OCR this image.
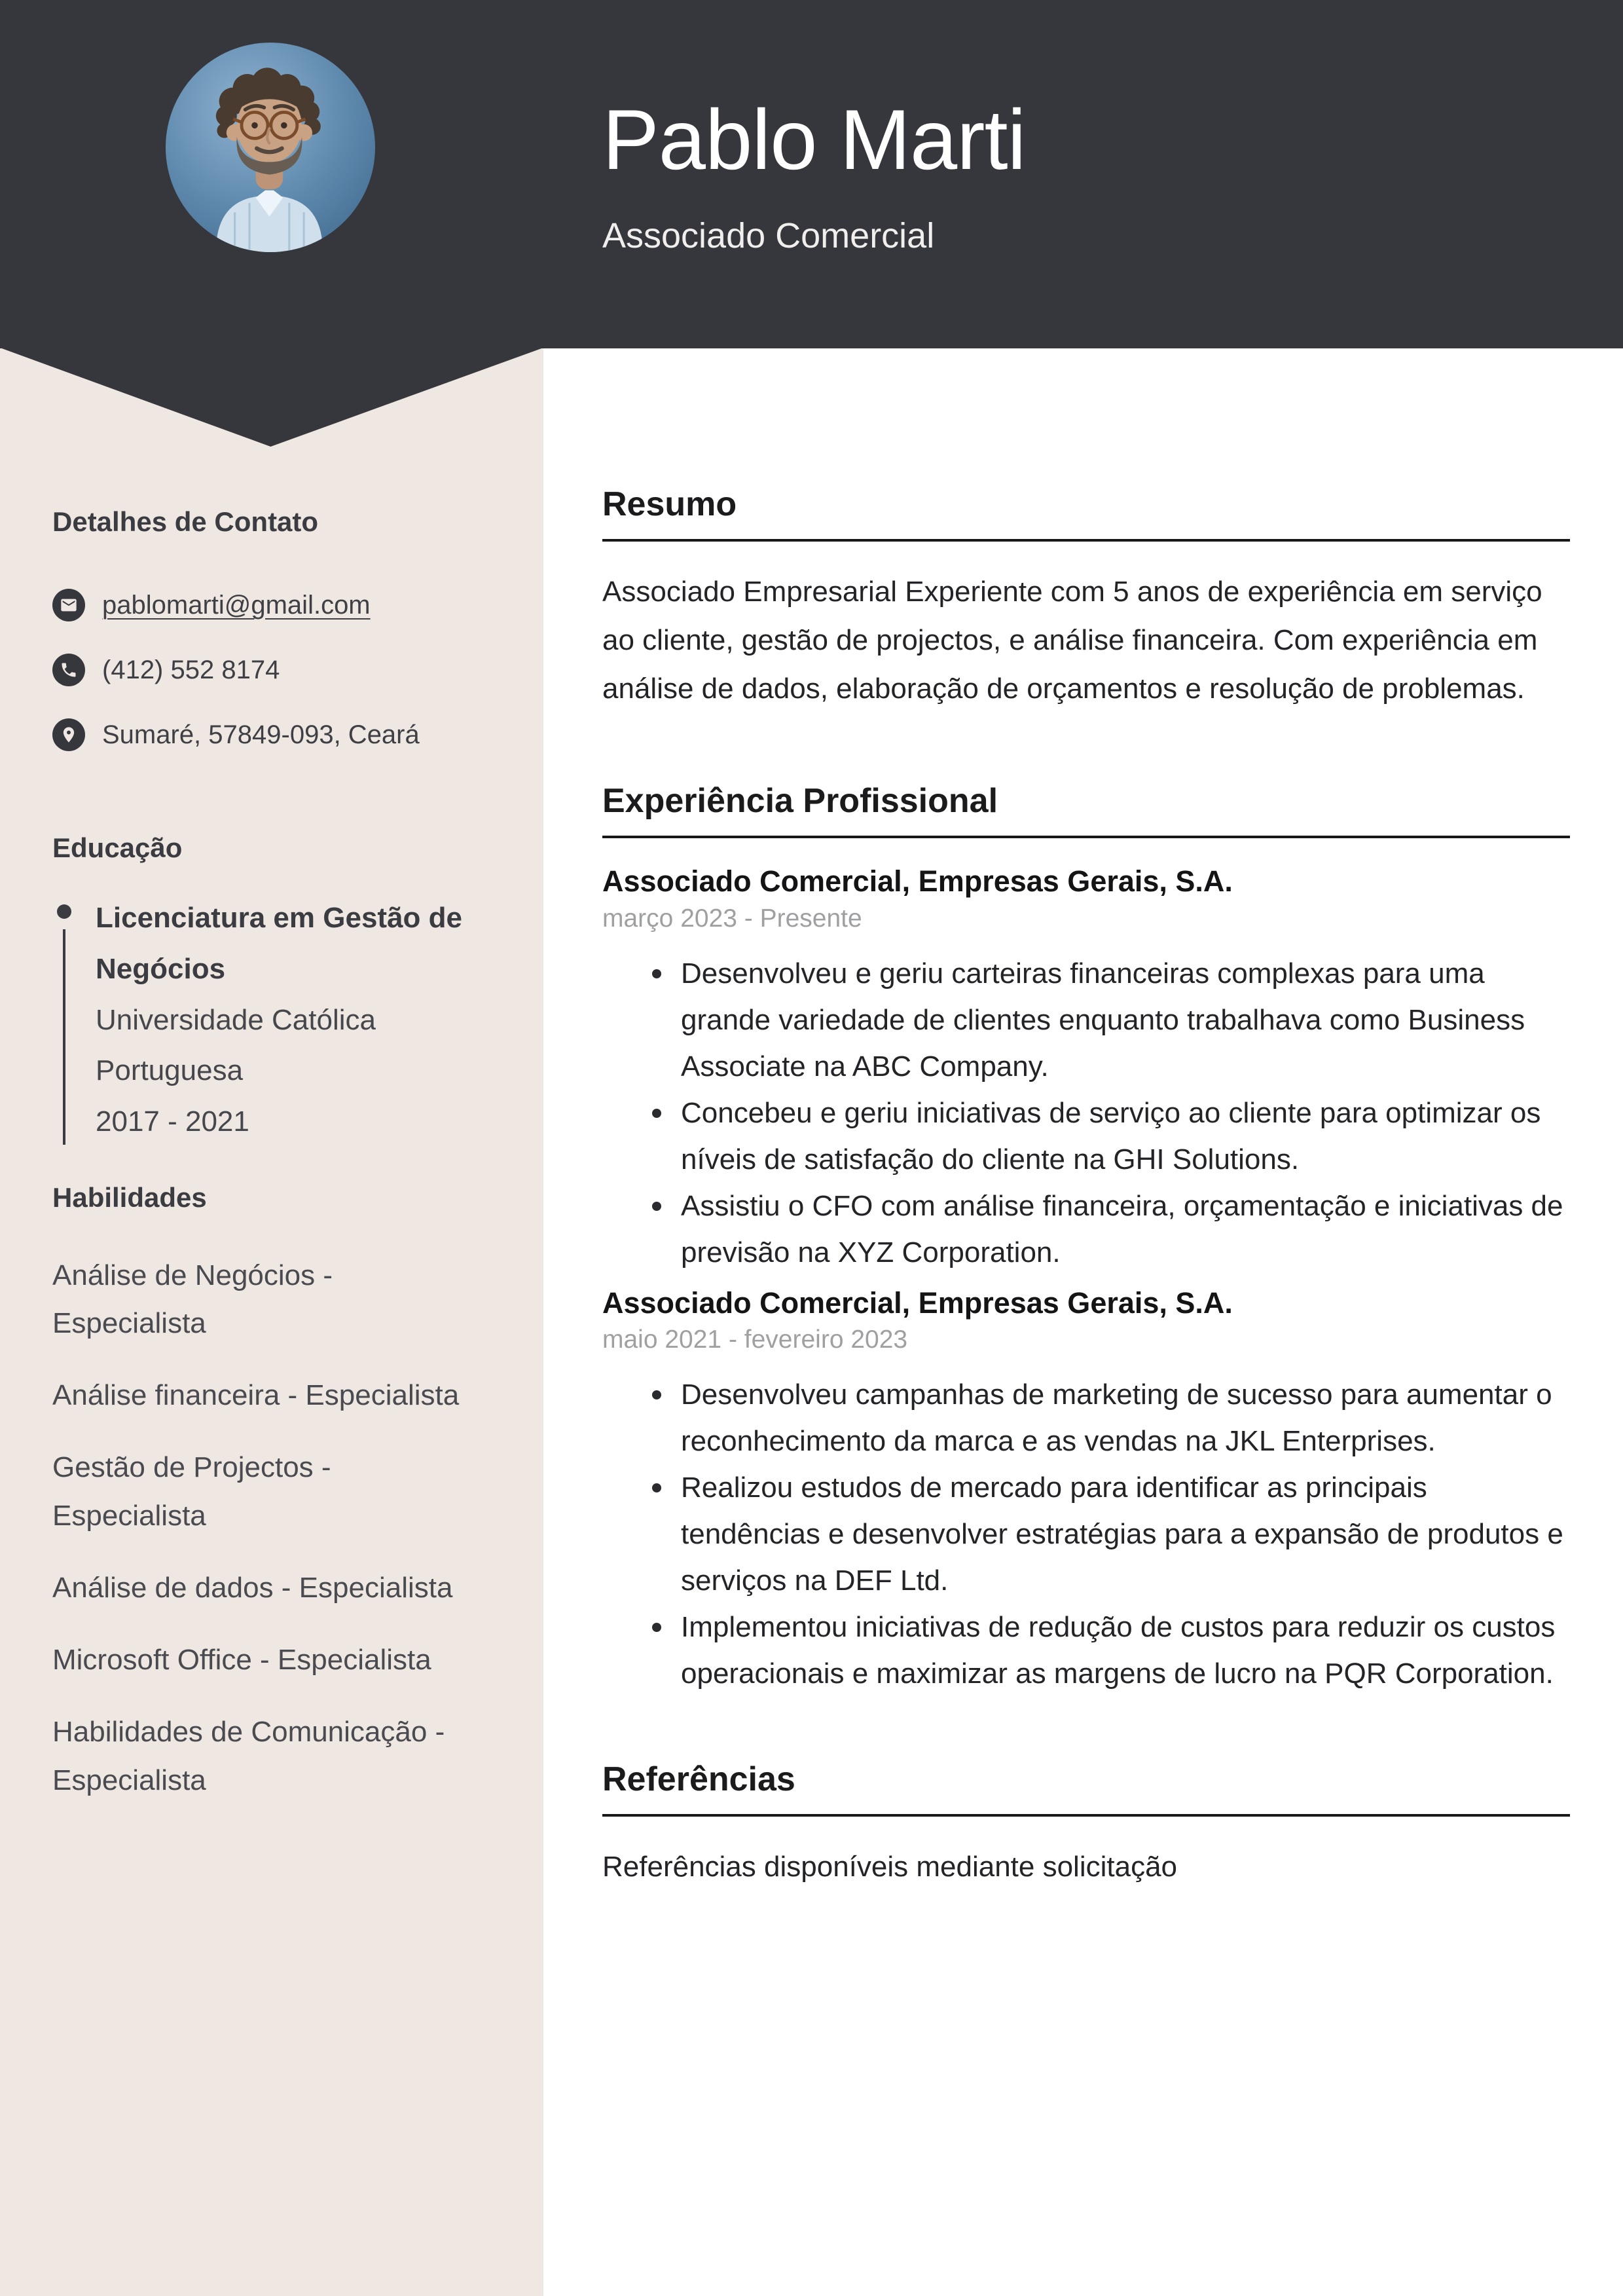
Pablo Marti
Associado Comercial
Detalhes de Contato
pablomarti@gmail.com
(412) 552 8174
Sumaré, 57849-093, Ceará
Educação
Licenciatura em Gestão de Negócios
Universidade Católica Portuguesa
2017 - 2021
Habilidades
Análise de Negócios - Especialista
Análise financeira - Especialista
Gestão de Projectos - Especialista
Análise de dados - Especialista
Microsoft Office - Especialista
Habilidades de Comunicação - Especialista
Resumo

Associado Empresarial Experiente com 5 anos de experiência em serviço ao cliente, gestão de projectos, e análise financeira. Com experiência em análise de dados, elaboração de orçamentos e resolução de problemas.

Experiência Profissional
Associado Comercial, Empresas Gerais, S.A.
março 2023 - Presente
Desenvolveu e geriu carteiras financeiras complexas para uma grande variedade de clientes enquanto trabalhava como Business Associate na ABC Company.
Concebeu e geriu iniciativas de serviço ao cliente para optimizar os níveis de satisfação do cliente na GHI Solutions.
Assistiu o CFO com análise financeira, orçamentação e iniciativas de previsão na XYZ Corporation.
Associado Comercial, Empresas Gerais, S.A.
maio 2021 - fevereiro 2023
Desenvolveu campanhas de marketing de sucesso para aumentar o reconhecimento da marca e as vendas na JKL Enterprises.
Realizou estudos de mercado para identificar as principais tendências e desenvolver estratégias para a expansão de produtos e serviços na DEF Ltd.
Implementou iniciativas de redução de custos para reduzir os custos operacionais e maximizar as margens de lucro na PQR Corporation.
Referências

Referências disponíveis mediante solicitação
